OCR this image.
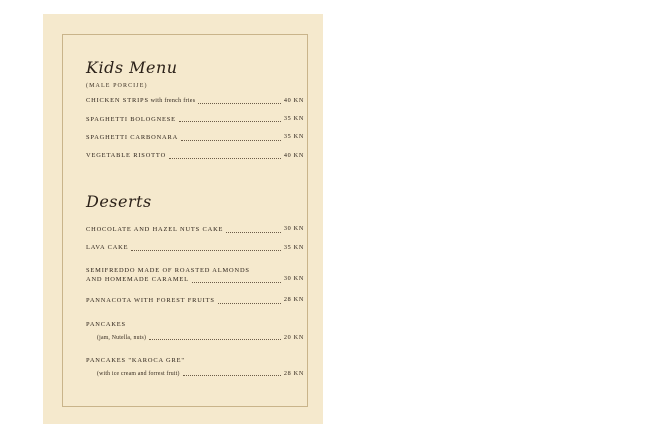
Kids Menu
(MALE PORCIJE)
CHICKEN STRIPS with french fries	40 KN
SPAGHETTI BOLOGNESE	35 KN
SPAGHETTI CARBONARA	35 KN
VEGETABLE RISOTTO	40 KN
Deserts
CHOCOLATE AND HAZEL NUTS CAKE	30 KN
LAVA CAKE	35 KN
SEMIFREDDO MADE OF ROASTED ALMONDS
AND HOMEMADE CARAMEL	30 KN
PANNACOTA WITH FOREST FRUITS	28 KN
PANCAKES
(jam, Nutella, nuts)	20 KN
PANCAKES "KAROCA GRE"
(with ice cream and forrest fruit)	28 KN
